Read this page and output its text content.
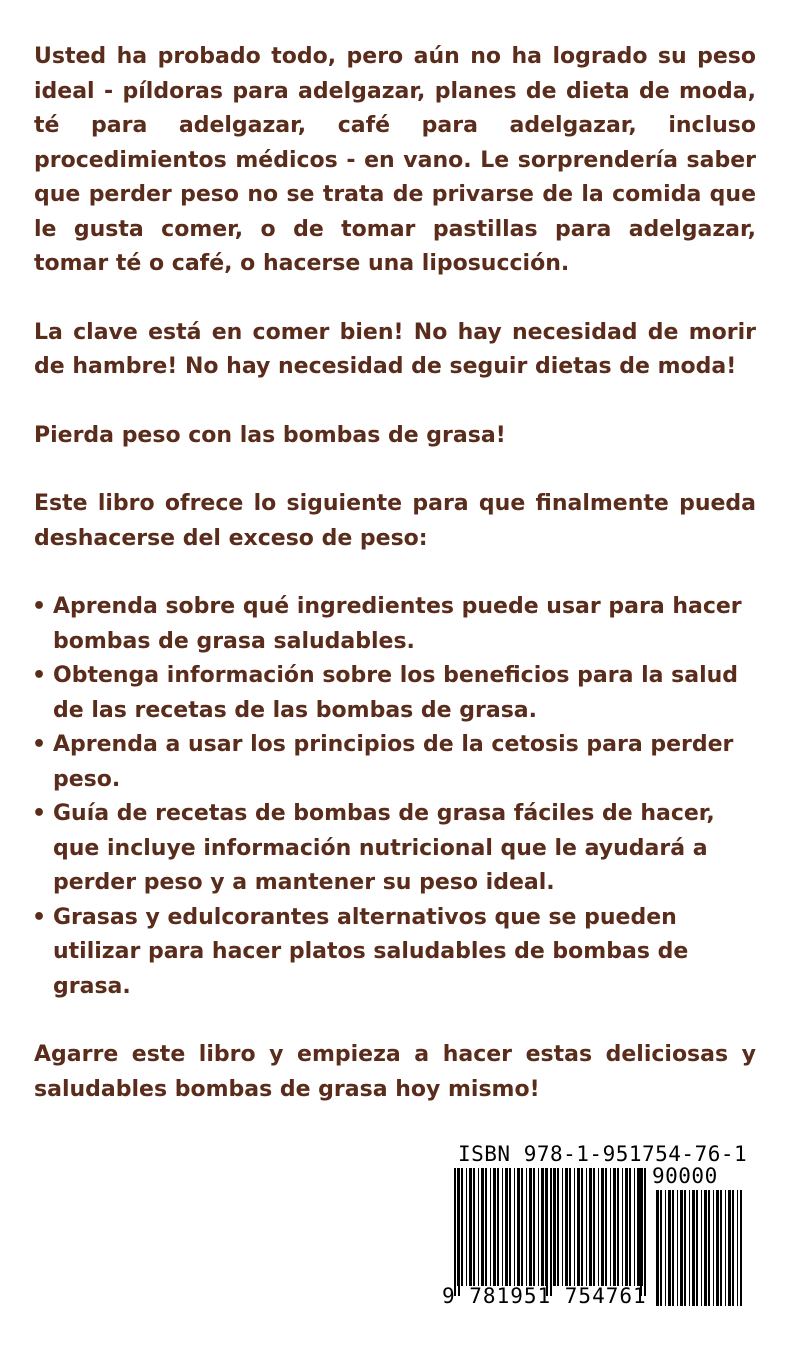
Usted ha probado todo, pero aún no ha logrado su peso ideal - píldoras para adelgazar, planes de dieta de moda, té para adelgazar, café para adelgazar, incluso procedimientos médicos - en vano. Le sorprendería saber que perder peso no se trata de privarse de la comida que le gusta comer, o de tomar pastillas para adelgazar, tomar té o café, o hacerse una liposucción.

La clave está en comer bien! No hay necesidad de morir de hambre! No hay necesidad de seguir dietas de moda!

Pierda peso con las bombas de grasa!

Este libro ofrece lo siguiente para que finalmente pueda deshacerse del exceso de peso:

• Aprenda sobre qué ingredientes puede usar para hacer bombas de grasa saludables.
• Obtenga información sobre los beneficios para la salud de las recetas de las bombas de grasa.
• Aprenda a usar los principios de la cetosis para perder peso.
• Guía de recetas de bombas de grasa fáciles de hacer, que incluye información nutricional que le ayudará a perder peso y a mantener su peso ideal.
• Grasas y edulcorantes alternativos que se pueden utilizar para hacer platos saludables de bombas de grasa.

Agarre este libro y empieza a hacer estas deliciosas y saludables bombas de grasa hoy mismo!

ISBN 978-1-951754-76-1
90000
9 781951 754761
